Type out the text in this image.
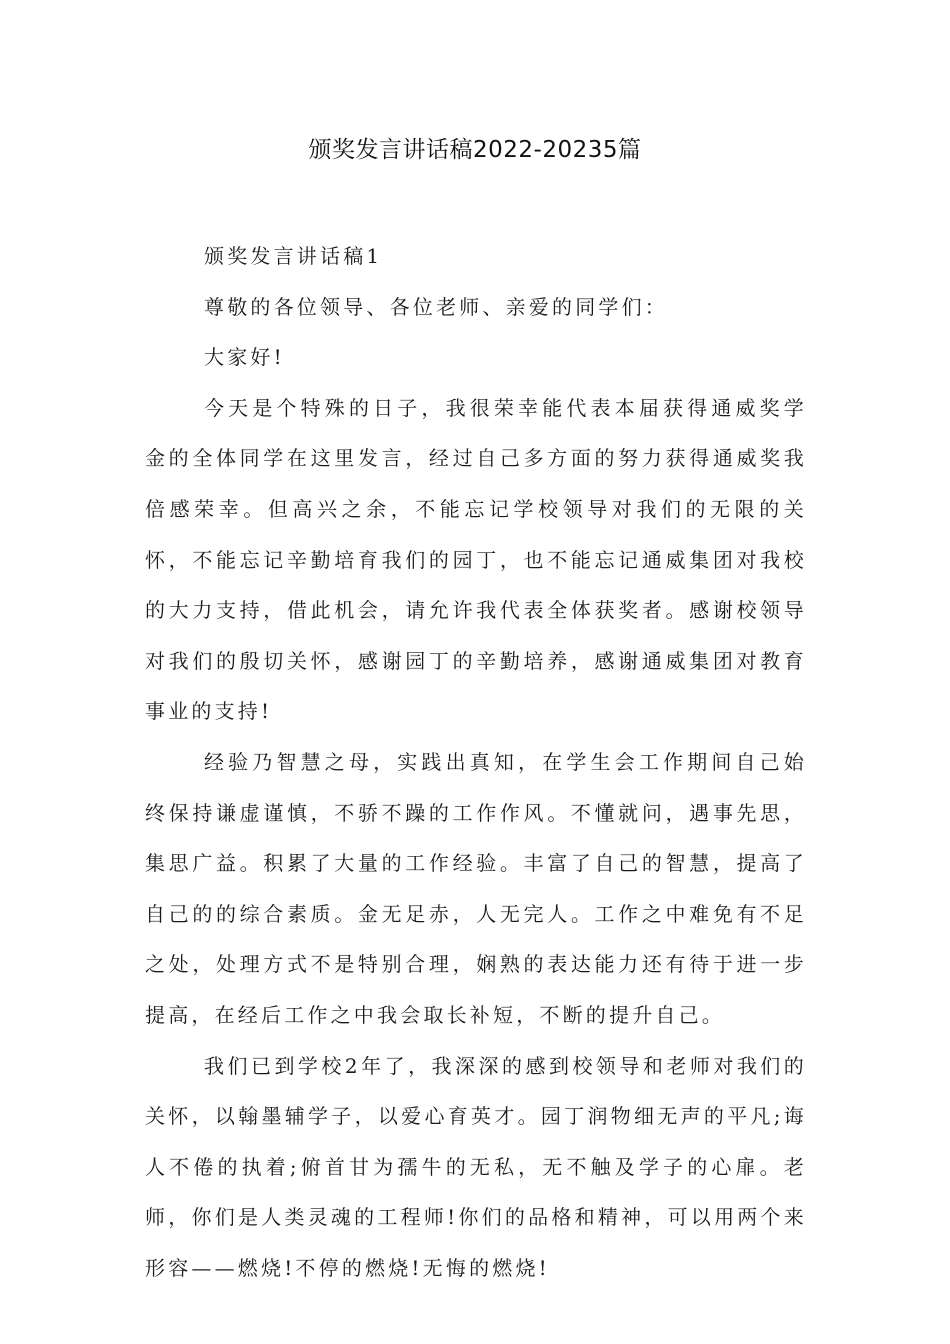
颁奖发言讲话稿2022-20235篇

颁奖发言讲话稿1

尊敬的各位领导、各位老师、亲爱的同学们：

大家好!

今天是个特殊的日子，我很荣幸能代表本届获得通威奖学金的全体同学在这里发言，经过自己多方面的努力获得通威奖我倍感荣幸。但高兴之余，不能忘记学校领导对我们的无限的关怀，不能忘记辛勤培育我们的园丁，也不能忘记通威集团对我校的大力支持，借此机会，请允许我代表全体获奖者。感谢校领导对我们的殷切关怀，感谢园丁的辛勤培养，感谢通威集团对教育事业的支持!

经验乃智慧之母，实践出真知，在学生会工作期间自己始终保持谦虚谨慎，不骄不躁的工作作风。不懂就问，遇事先思，集思广益。积累了大量的工作经验。丰富了自己的智慧，提高了自己的的综合素质。金无足赤，人无完人。工作之中难免有不足之处，处理方式不是特别合理，娴熟的表达能力还有待于进一步提高，在经后工作之中我会取长补短，不断的提升自己。

我们已到学校2年了，我深深的感到校领导和老师对我们的关怀，以翰墨辅学子，以爱心育英才。园丁润物细无声的平凡;诲人不倦的执着;俯首甘为孺牛的无私，无不触及学子的心扉。老师，你们是人类灵魂的工程师!你们的品格和精神，可以用两个来形容——燃烧!不停的燃烧!无悔的燃烧!
